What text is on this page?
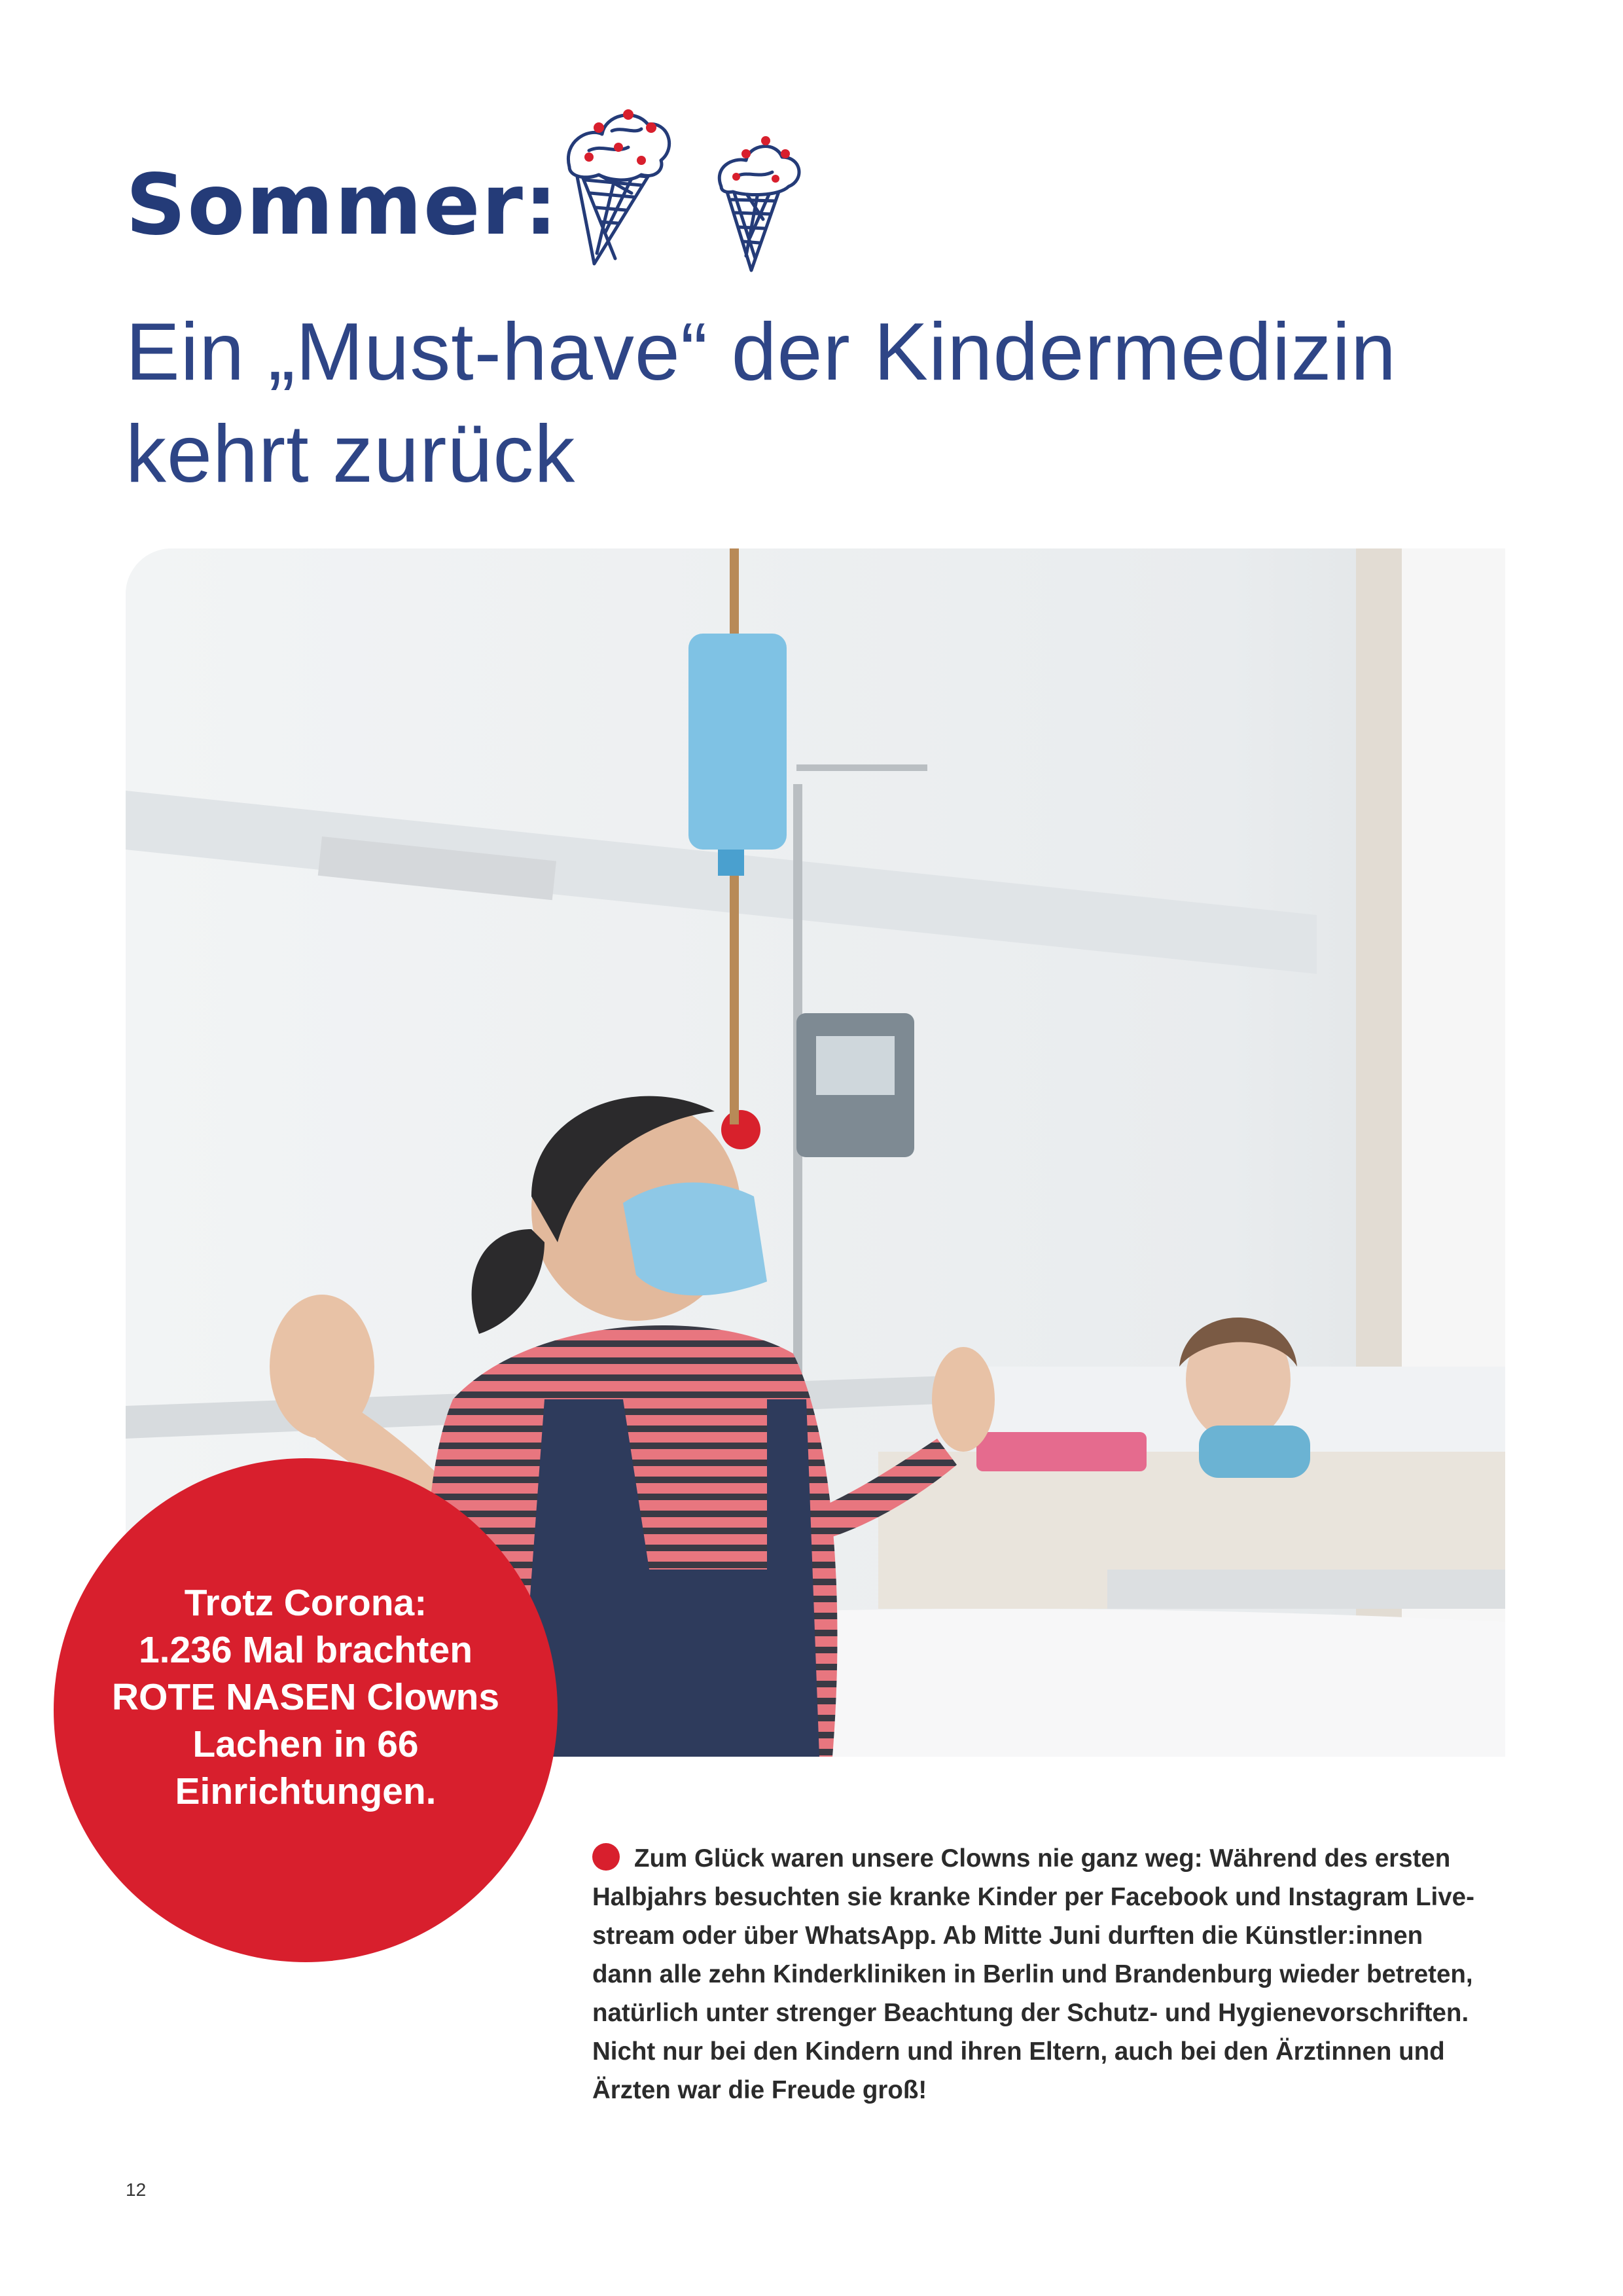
Sommer:
Ein „Must-have“ der Kindermedizin kehrt zurück
Trotz Corona:
1.236 Mal brachten
ROTE NASEN Clowns
Lachen in 66
Einrichtungen.
Zum Glück waren unsere Clowns nie ganz weg: Während des ersten Halbjahrs besuchten sie kranke Kinder per Facebook und Instagram Live-stream oder über WhatsApp. Ab Mitte Juni durften die Künstler:innen dann alle zehn Kinderkliniken in Berlin und Brandenburg wieder betreten, natürlich unter strenger Beachtung der Schutz- und Hygienevorschriften. Nicht nur bei den Kindern und ihren Eltern, auch bei den Ärztinnen und Ärzten war die Freude groß!
12
